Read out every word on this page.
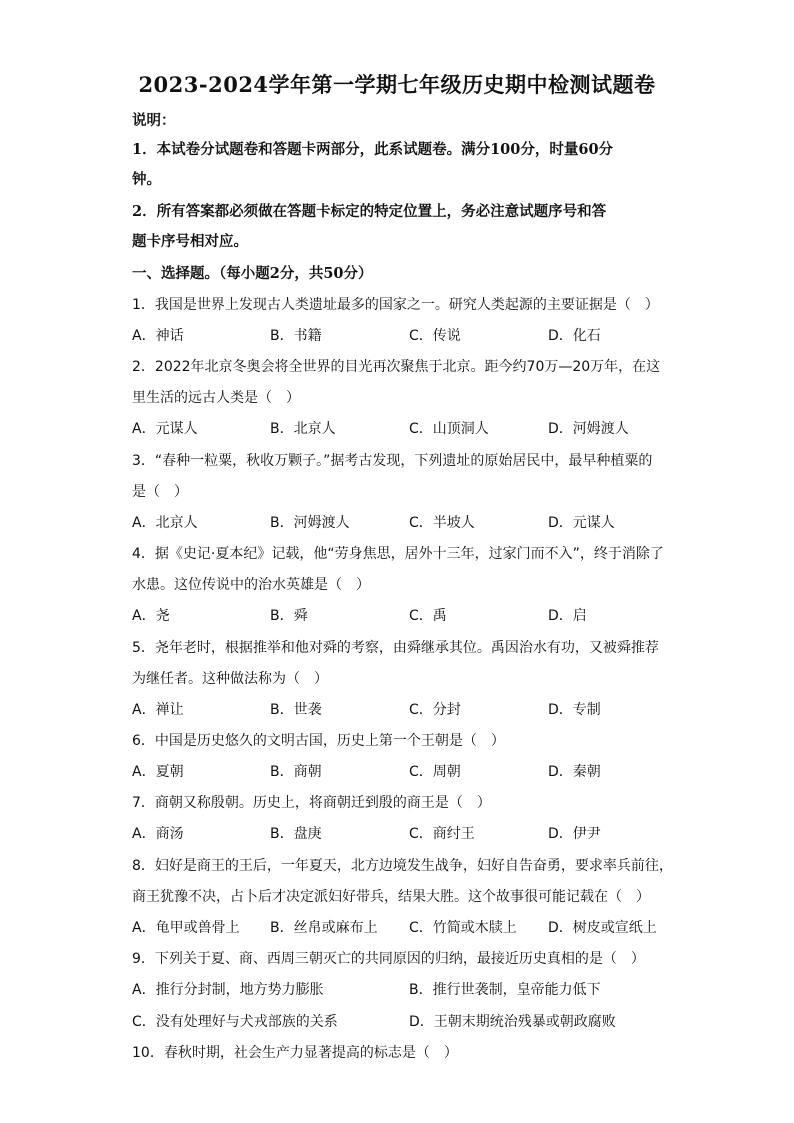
2023-2024学年第一学期七年级历史期中检测试题卷
说明：
1．本试卷分试题卷和答题卡两部分，此系试题卷。满分100分，时量60分
钟。
2．所有答案都必须做在答题卡标定的特定位置上，务必注意试题序号和答
题卡序号相对应。
一、选择题。（每小题2分，共50分）
1．我国是世界上发现古人类遗址最多的国家之一。研究人类起源的主要证据是（　）
A．神话	B．书籍	C．传说	D．化石
2．2022年北京冬奥会将全世界的目光再次聚焦于北京。距今约70万—20万年，在这
里生活的远古人类是（　）
A．元谋人	B．北京人	C．山顶洞人	D．河姆渡人
3．“春种一粒粟，秋收万颗子。”据考古发现，下列遗址的原始居民中，最早种植粟的
是（　）
A．北京人	B．河姆渡人	C．半坡人	D．元谋人
4．据《史记·夏本纪》记载，他“劳身焦思，居外十三年，过家门而不入”，终于消除了
水患。这位传说中的治水英雄是（　）
A．尧	B．舜	C．禹	D．启
5．尧年老时，根据推举和他对舜的考察，由舜继承其位。禹因治水有功，又被舜推荐
为继任者。这种做法称为（　）
A．禅让	B．世袭	C．分封	D．专制
6．中国是历史悠久的文明古国，历史上第一个王朝是（　）
A．夏朝	B．商朝	C．周朝	D．秦朝
7．商朝又称殷朝。历史上，将商朝迁到殷的商王是（　）
A．商汤	B．盘庚	C．商纣王	D．伊尹
8．妇好是商王的王后，一年夏天，北方边境发生战争，妇好自告奋勇，要求率兵前往，
商王犹豫不决，占卜后才决定派妇好带兵，结果大胜。这个故事很可能记载在（　）
A．龟甲或兽骨上 B．丝帛或麻布上 C．竹简或木牍上 D．树皮或宣纸上
9．下列关于夏、商、西周三朝灭亡的共同原因的归纳，最接近历史真相的是（　）
A．推行分封制，地方势力膨胀	B．推行世袭制，皇帝能力低下
C．没有处理好与犬戎部族的关系	D．王朝末期统治残暴或朝政腐败
10．春秋时期，社会生产力显著提高的标志是（　）
